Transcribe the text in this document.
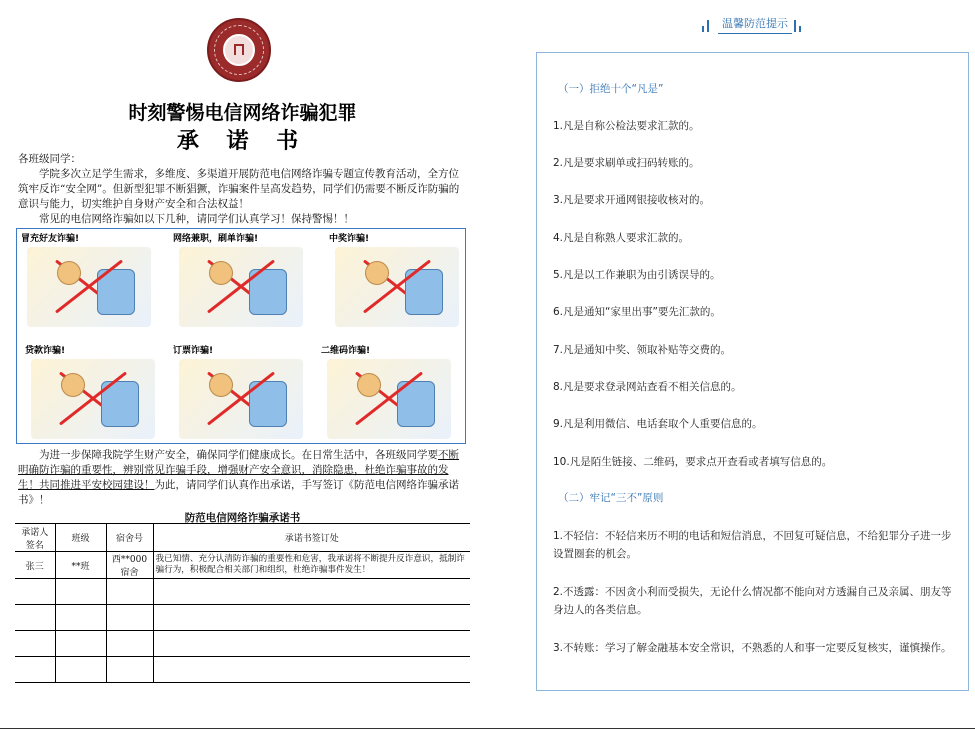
时刻警惕电信网络诈骗犯罪
承 诺 书
各班级同学：
学院多次立足学生需求，多维度、多渠道开展防范电信网络诈骗专题宣传教育活动，全方位筑牢反诈“安全网”。但新型犯罪不断猖獗，诈骗案件呈高发趋势，同学们仍需要不断反诈防骗的意识与能力，切实维护自身财产安全和合法权益！
常见的电信网络诈骗如以下几种，请同学们认真学习！保持警惕！！
冒充好友诈骗!	网络兼职，刷单诈骗!	中奖诈骗!
贷款诈骗!	订票诈骗!	二维码诈骗!
为进一步保障我院学生财产安全，确保同学们健康成长。在日常生活中，各班级同学要不断明确防诈骗的重要性，辨别常见诈骗手段，增强财产安全意识，消除隐患，杜绝诈骗事故的发生！共同推进平安校园建设！为此，请同学们认真作出承诺，手写签订《防范电信网络诈骗承诺书》！
防范电信网络诈骗承诺书
承诺人签名	班级	宿舍号	承诺书签订处
张三	**班	西**000宿舍	我已知情、充分认清防诈骗的重要性和危害，我承诺将不断提升反诈意识，抵制诈骗行为，积极配合相关部门和组织，杜绝诈骗事件发生！

温馨防范提示
（一）拒绝十个“凡是”
1.凡是自称公检法要求汇款的。
2.凡是要求刷单或扫码转账的。
3.凡是要求开通网银接收核对的。
4.凡是自称熟人要求汇款的。
5.凡是以工作兼职为由引诱误导的。
6.凡是通知“家里出事”要先汇款的。
7.凡是通知中奖、领取补贴等交费的。
8.凡是要求登录网站查看不相关信息的。
9.凡是利用微信、电话套取个人重要信息的。
10.凡是陌生链接、二维码，要求点开查看或者填写信息的。
（二）牢记“三不”原则
1.不轻信：不轻信来历不明的电话和短信消息，不回复可疑信息，不给犯罪分子进一步设置圈套的机会。
2.不透露：不因贪小利而受损失，无论什么情况都不能向对方透漏自己及亲属、朋友等身边人的各类信息。
3.不转账：学习了解金融基本安全常识，不熟悉的人和事一定要反复核实，谨慎操作。
